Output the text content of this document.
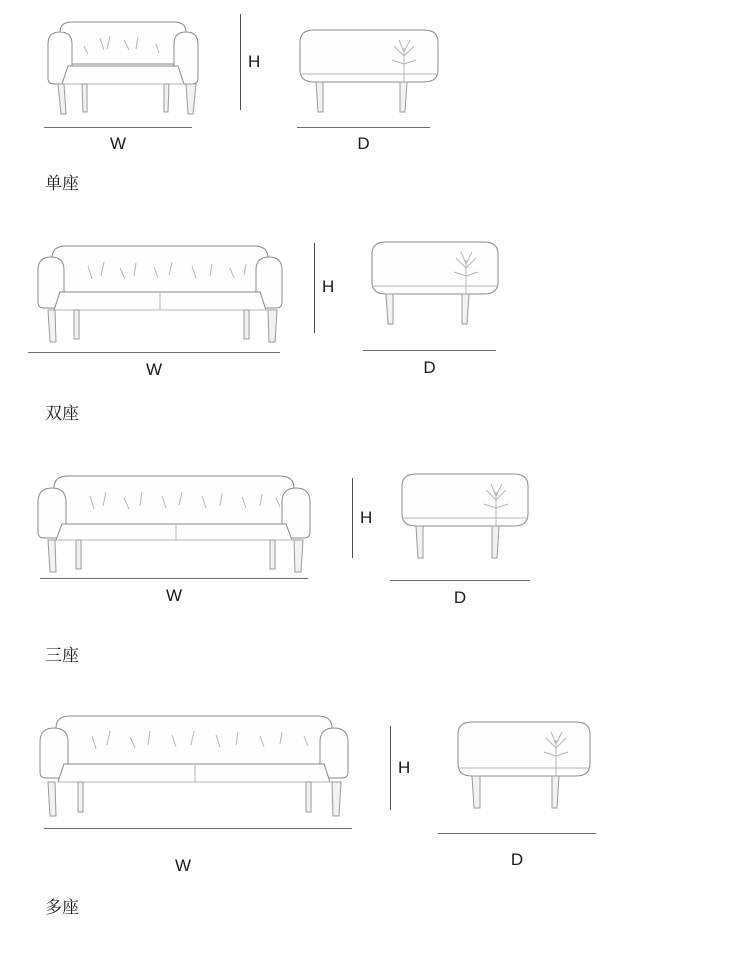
W
H
D
单座
W
H
D
双座
W
H
D
三座
W
H
D
多座
